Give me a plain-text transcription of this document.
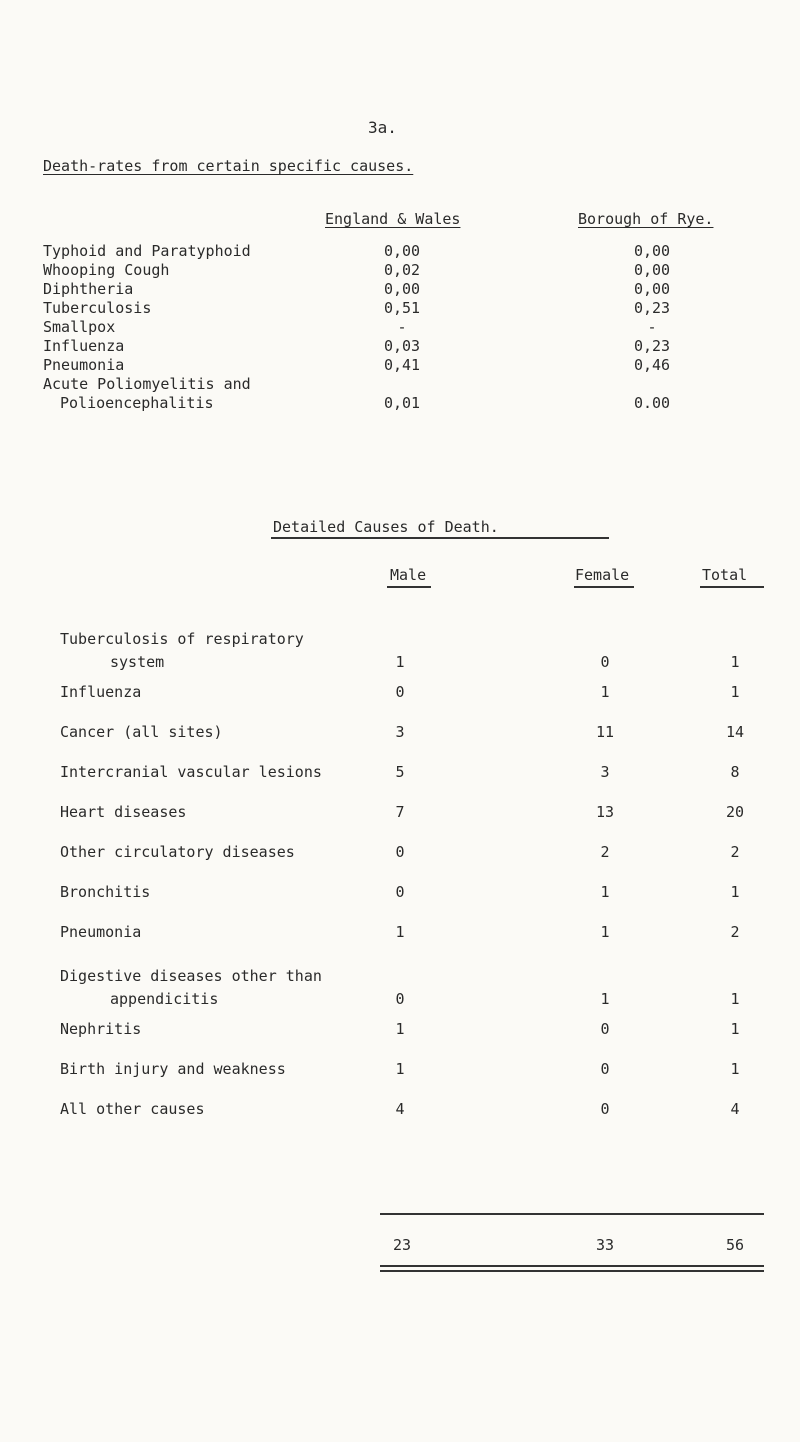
3a.
Death-rates from certain specific causes.
England & Wales	Borough of Rye.
Typhoid and Paratyphoid	0,00	0,00
Whooping Cough	0,02	0,00
Diphtheria	0,00	0,00
Tuberculosis	0,51	0,23
Smallpox	-	-
Influenza	0,03	0,23
Pneumonia	0,41	0,46
Acute Poliomyelitis and
Polioencephalitis	0,01	0.00
Detailed Causes of Death.
Male	Female	Total
Tuberculosis of respiratory
system	1	0	1
Influenza	0	1	1
Cancer (all sites)	3	11	14
Intercranial vascular lesions	5	3	8
Heart diseases	7	13	20
Other circulatory diseases	0	2	2
Bronchitis	0	1	1
Pneumonia	1	1	2
Digestive diseases other than
appendicitis	0	1	1
Nephritis	1	0	1
Birth injury and weakness	1	0	1
All other causes	4	0	4
23	33	56
